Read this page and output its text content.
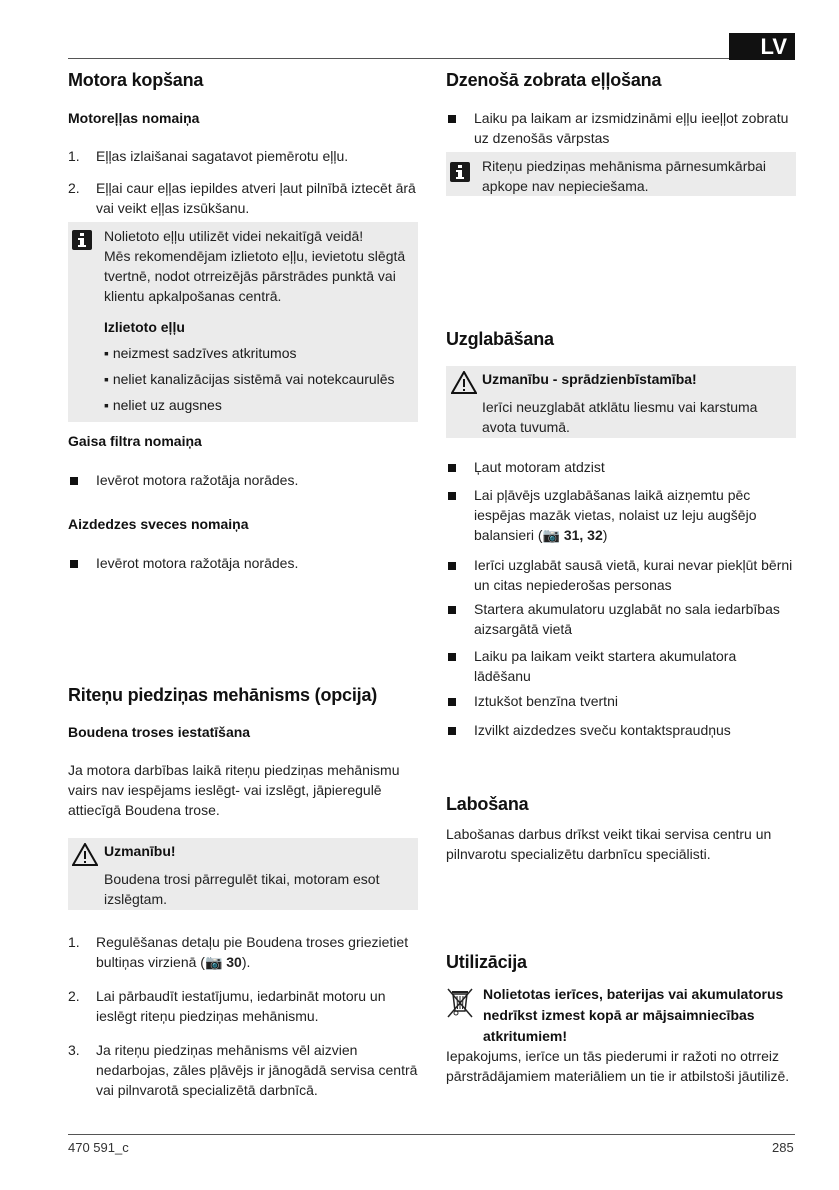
LV
Motora kopšana
Motoreļļas nomaiņa
1. Eļļas izlaišanai sagatavot piemērotu eļļu.
2. Eļļai caur eļļas iepildes atveri ļaut pilnībā iztecēt ārā
vai veikt eļļas izsūkšanu.
Nolietoto eļļu utilizēt videi nekaitīgā veidā!
Mēs rekomendējam izlietoto eļļu, ievietotu slēgtā
tvertnē, nodot otrreizējās pārstrādes punktā vai
klientu apkalpošanas centrā.
Izlietoto eļļu
▪ neizmest sadzīves atkritumos
▪ neliet kanalizācijas sistēmā vai notekcaurulēs
▪ neliet uz augsnes
Gaisa filtra nomaiņa
Ievērot motora ražotāja norādes.
Aizdedzes sveces nomaiņa
Ievērot motora ražotāja norādes.
Riteņu piedziņas mehānisms (opcija)
Boudena troses iestatīšana
Ja motora darbības laikā riteņu piedziņas mehānismu
vairs nav iespējams ieslēgt- vai izslēgt, jāpieregulē
attiecīgā Boudena trose.
Uzmanību!
Boudena trosi pārregulēt tikai, motoram esot
izslēgtam.
1. Regulēšanas detaļu pie Boudena troses griezietiet
bultiņas virzienā (📷 30).
2. Lai pārbaudīt iestatījumu, iedarbināt motoru un
ieslēgt riteņu piedziņas mehānismu.
3. Ja riteņu piedziņas mehānisms vēl aizvien
nedarbojas, zāles pļāvējs ir jānogādā servisa centrā
vai pilnvarotā specializētā darbnīcā.
Dzenošā zobrata eļļošana
Laiku pa laikam ar izsmidzināmi eļļu ieeļļot zobratu
uz dzenošās vārpstas
Riteņu piedziņas mehānisma pārnesumkārbai
apkope nav nepieciešama.
Uzglabāšana
Uzmanību - sprādzienbīstamība!
Ierīci neuzglabāt atklātu liesmu vai karstuma
avota tuvumā.
Ļaut motoram atdzist
Lai pļāvējs uzglabāšanas laikā aizņemtu pēc
iespējas mazāk vietas, nolaist uz leju augšējo
balansieri (📷 31, 32)
Ierīci uzglabāt sausā vietā, kurai nevar piekļūt bērni
un citas nepiederošas personas
Startera akumulatoru uzglabāt no sala iedarbības
aizsargātā vietā
Laiku pa laikam veikt startera akumulatora
lādēšanu
Iztukšot benzīna tvertni
Izvilkt aizdedzes sveču kontaktspraudņus
Labošana
Labošanas darbus drīkst veikt tikai servisa centru un
pilnvarotu specializētu darbnīcu speciālisti.
Utilizācija
Nolietotas ierīces, baterijas vai akumulatorus
nedrīkst izmest kopā ar mājsaimniecības
atkritumiem!
Iepakojums, ierīce un tās piederumi ir ražoti no otrreiz
pārstrādājamiem materiāliem un tie ir atbilstoši jāutilizē.
470 591_c	285
